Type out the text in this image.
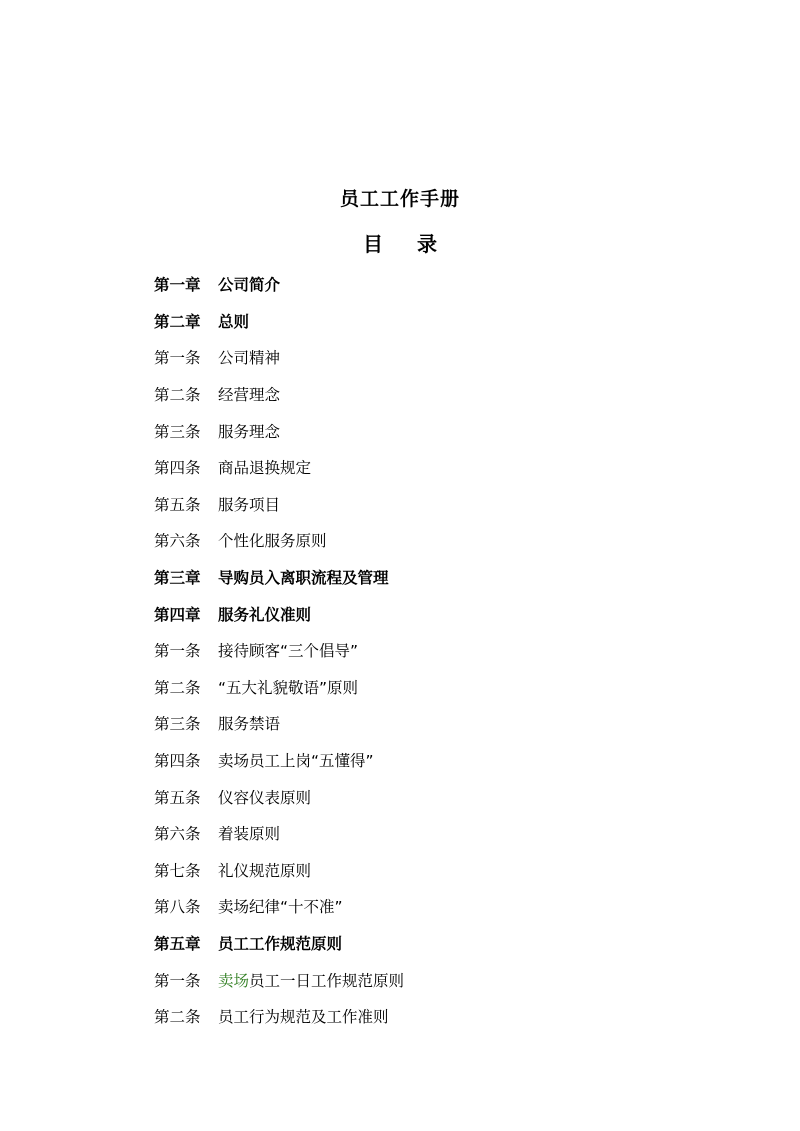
员工工作手册
目 录
第一章	公司简介
第二章	总则
第一条	公司精神
第二条	经营理念
第三条	服务理念
第四条	商品退换规定
第五条	服务项目
第六条	个性化服务原则
第三章	导购员入离职流程及管理
第四章	服务礼仪准则
第一条	接待顾客“三个倡导”
第二条	“五大礼貌敬语”原则
第三条	服务禁语
第四条	卖场员工上岗“五懂得”
第五条	仪容仪表原则
第六条	着装原则
第七条	礼仪规范原则
第八条	卖场纪律“十不准”
第五章	员工工作规范原则
第一条	卖场员工一日工作规范原则
第二条	员工行为规范及工作准则
